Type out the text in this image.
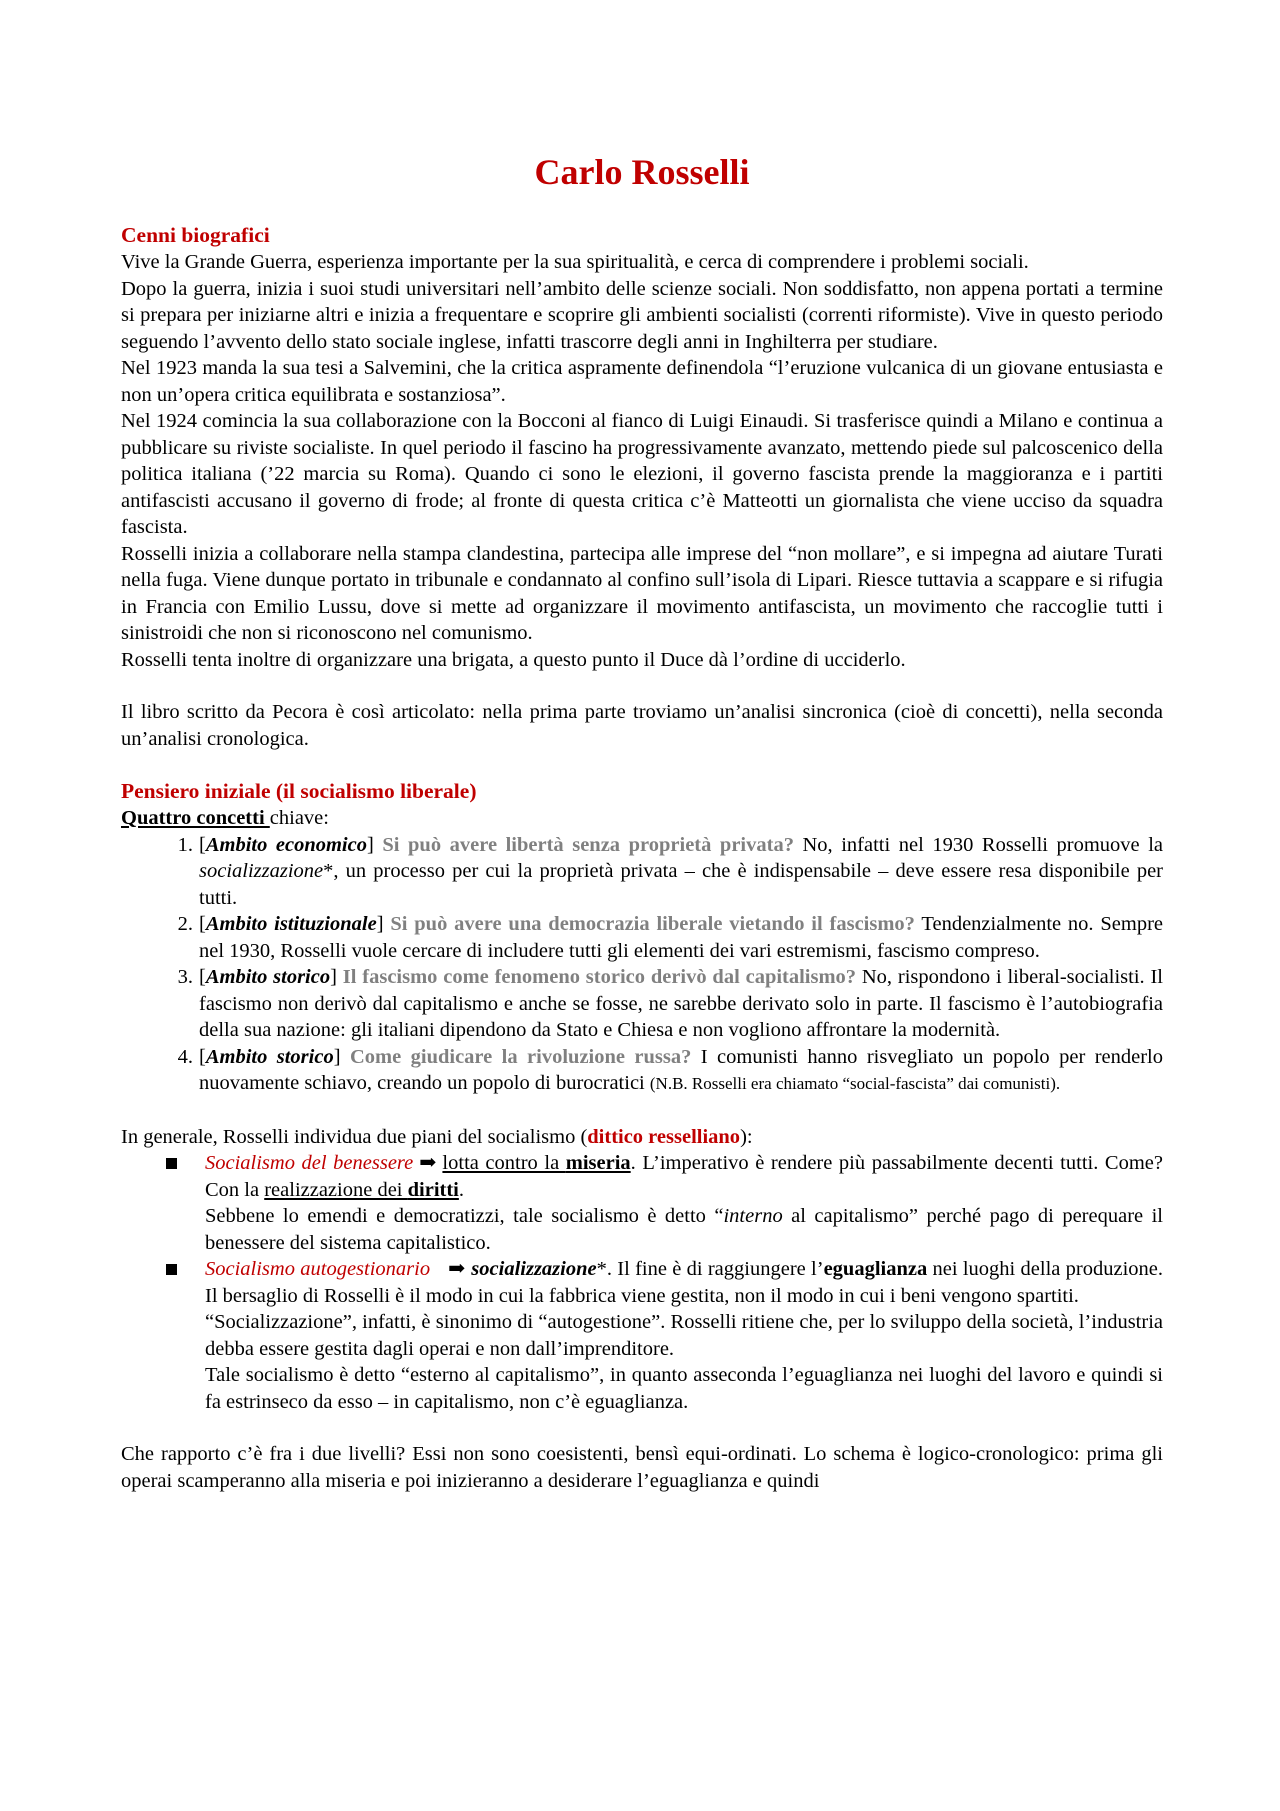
Carlo Rosselli
Cenni biografici

Vive la Grande Guerra, esperienza importante per la sua spiritualità, e cerca di comprendere i problemi sociali.

Dopo la guerra, inizia i suoi studi universitari nell’ambito delle scienze sociali. Non soddisfatto, non appena portati a termine si prepara per iniziarne altri e inizia a frequentare e scoprire gli ambienti socialisti (correnti riformiste). Vive in questo periodo seguendo l’avvento dello stato sociale inglese, infatti trascorre degli anni in Inghilterra per studiare.

Nel 1923 manda la sua tesi a Salvemini, che la critica aspramente definendola “l’eruzione vulcanica di un giovane entusiasta e non un’opera critica equilibrata e sostanziosa”.

Nel 1924 comincia la sua collaborazione con la Bocconi al fianco di Luigi Einaudi. Si trasferisce quindi a Milano e continua a pubblicare su riviste socialiste. In quel periodo il fascino ha progressivamente avanzato, mettendo piede sul palcoscenico della politica italiana (’22 marcia su Roma). Quando ci sono le elezioni, il governo fascista prende la maggioranza e i partiti antifascisti accusano il governo di frode; al fronte di questa critica c’è Matteotti un giornalista che viene ucciso da squadra fascista.

Rosselli inizia a collaborare nella stampa clandestina, partecipa alle imprese del “non mollare”, e si impegna ad aiutare Turati nella fuga. Viene dunque portato in tribunale e condannato al confino sull’isola di Lipari. Riesce tuttavia a scappare e si rifugia in Francia con Emilio Lussu, dove si mette ad organizzare il movimento antifascista, un movimento che raccoglie tutti i sinistroidi che non si riconoscono nel comunismo.

Rosselli tenta inoltre di organizzare una brigata, a questo punto il Duce dà l’ordine di ucciderlo.

Il libro scritto da Pecora è così articolato: nella prima parte troviamo un’analisi sincronica (cioè di concetti), nella seconda un’analisi cronologica.

Pensiero iniziale (il socialismo liberale)

Quattro concetti chiave:

1. [Ambito economico] Si può avere libertà senza proprietà privata? No, infatti nel 1930 Rosselli promuove la socializzazione*, un processo per cui la proprietà privata – che è indispensabile – deve essere resa disponibile per tutti.
2. [Ambito istituzionale] Si può avere una democrazia liberale vietando il fascismo? Tendenzialmente no. Sempre nel 1930, Rosselli vuole cercare di includere tutti gli elementi dei vari estremismi, fascismo compreso.
3. [Ambito storico] Il fascismo come fenomeno storico derivò dal capitalismo? No, rispondono i liberal-socialisti. Il fascismo non derivò dal capitalismo e anche se fosse, ne sarebbe derivato solo in parte. Il fascismo è l’autobiografia della sua nazione: gli italiani dipendono da Stato e Chiesa e non vogliono affrontare la modernità.
4. [Ambito storico] Come giudicare la rivoluzione russa? I comunisti hanno risvegliato un popolo per renderlo nuovamente schiavo, creando un popolo di burocratici (N.B. Rosselli era chiamato “social-fascista” dai comunisti).

In generale, Rosselli individua due piani del socialismo (dittico resselliano):

Socialismo del benessere ➡ lotta contro la miseria. L’imperativo è rendere più passabilmente decenti tutti. Come? Con la realizzazione dei diritti.
Sebbene lo emendi e democratizzi, tale socialismo è detto “interno al capitalismo” perché pago di perequare il benessere del sistema capitalistico.
Socialismo autogestionario ➡ socializzazione*. Il fine è di raggiungere l’eguaglianza nei luoghi della produzione. Il bersaglio di Rosselli è il modo in cui la fabbrica viene gestita, non il modo in cui i beni vengono spartiti.
“Socializzazione”, infatti, è sinonimo di “autogestione”. Rosselli ritiene che, per lo sviluppo della società, l’industria debba essere gestita dagli operai e non dall’imprenditore.
Tale socialismo è detto “esterno al capitalismo”, in quanto asseconda l’eguaglianza nei luoghi del lavoro e quindi si fa estrinseco da esso – in capitalismo, non c’è eguaglianza.

Che rapporto c’è fra i due livelli? Essi non sono coesistenti, bensì equi-ordinati. Lo schema è logico-cronologico: prima gli operai scamperanno alla miseria e poi inizieranno a desiderare l’eguaglianza e quindi
